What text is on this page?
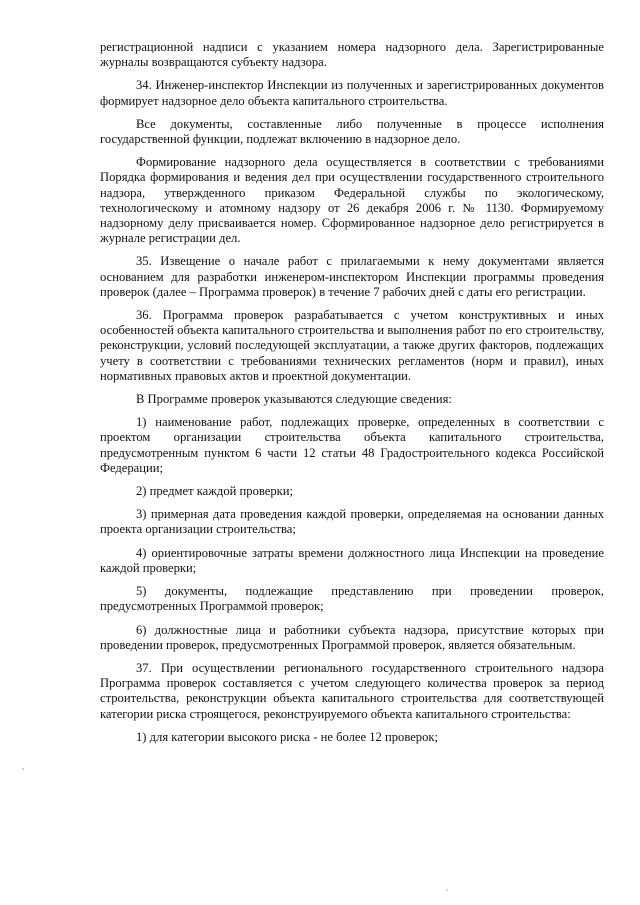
регистрационной надписи с указанием номера надзорного дела. Зарегистрированные журналы возвращаются субъекту надзора.

34. Инженер-инспектор Инспекции из полученных и зарегистрированных документов формирует надзорное дело объекта капитального строительства.

Все документы, составленные либо полученные в процессе исполнения государственной функции, подлежат включению в надзорное дело.

Формирование надзорного дела осуществляется в соответствии с требованиями Порядка формирования и ведения дел при осуществлении государственного строительного надзора, утвержденного приказом Федеральной службы по экологическому, технологическому и атомному надзору от 26 декабря 2006 г. № 1130. Формируемому надзорному делу присваивается номер. Сформированное надзорное дело регистрируется в журнале регистрации дел.

35. Извещение о начале работ с прилагаемыми к нему документами является основанием для разработки инженером-инспектором Инспекции программы проведения проверок (далее – Программа проверок) в течение 7 рабочих дней с даты его регистрации.

36. Программа проверок разрабатывается с учетом конструктивных и иных особенностей объекта капитального строительства и выполнения работ по его строительству, реконструкции, условий последующей эксплуатации, а также других факторов, подлежащих учету в соответствии с требованиями технических регламентов (норм и правил), иных нормативных правовых актов и проектной документации.

В Программе проверок указываются следующие сведения:

1) наименование работ, подлежащих проверке, определенных в соответствии с проектом организации строительства объекта капитального строительства, предусмотренным пунктом 6 части 12 статьи 48 Градостроительного кодекса Российской Федерации;

2) предмет каждой проверки;

3) примерная дата проведения каждой проверки, определяемая на основании данных проекта организации строительства;

4) ориентировочные затраты времени должностного лица Инспекции на проведение каждой проверки;

5) документы, подлежащие представлению при проведении проверок, предусмотренных Программой проверок;

6) должностные лица и работники субъекта надзора, присутствие которых при проведении проверок, предусмотренных Программой проверок, является обязательным.

37. При осуществлении регионального государственного строительного надзора Программа проверок составляется с учетом следующего количества проверок за период строительства, реконструкции объекта капитального строительства для соответствующей категории риска строящегося, реконструируемого объекта капитального строительства:

1) для категории высокого риска - не более 12 проверок;
